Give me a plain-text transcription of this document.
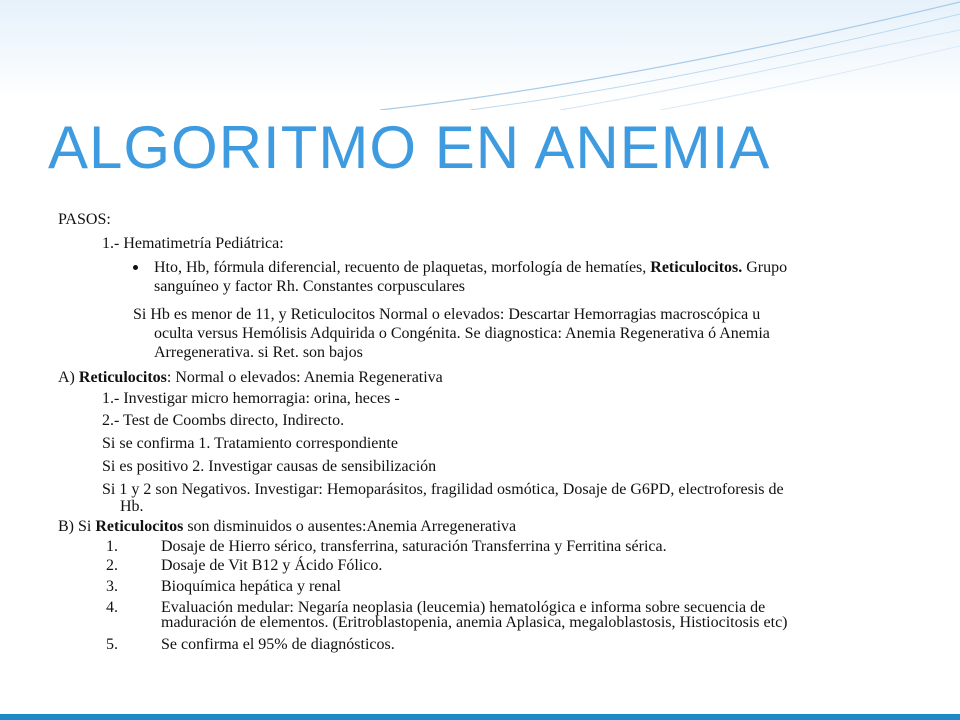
ALGORITMO EN ANEMIA
PASOS:
1.- Hematimetría Pediátrica:
Hto, Hb, fórmula diferencial, recuento de plaquetas, morfología de hematíes, Reticulocitos. Grupo
sanguíneo y factor Rh. Constantes corpusculares
Si Hb es menor de 11, y Reticulocitos Normal o elevados: Descartar Hemorragias macroscópica u
oculta versus Hemólisis Adquirida o Congénita. Se diagnostica: Anemia Regenerativa ó Anemia
Arregenerativa. si Ret. son bajos
A) Reticulocitos: Normal o elevados: Anemia Regenerativa
1.- Investigar micro hemorragia: orina, heces -
2.- Test de Coombs directo, Indirecto.
Si se confirma 1. Tratamiento correspondiente
Si es positivo 2. Investigar causas de sensibilización
Si 1 y 2 son Negativos. Investigar: Hemoparásitos, fragilidad osmótica, Dosaje de G6PD, electroforesis de
Hb.
B) Si Reticulocitos son disminuidos o ausentes:Anemia Arregenerativa
1.	Dosaje de Hierro sérico, transferrina, saturación Transferrina y Ferritina sérica.
2.	Dosaje de Vit B12 y Ácido Fólico.
3.	Bioquímica hepática y renal
4.	Evaluación medular: Negaría neoplasia (leucemia) hematológica e informa sobre secuencia de
maduración de elementos. (Eritroblastopenia, anemia Aplasica, megaloblastosis, Histiocitosis etc)
5.	Se confirma el 95% de diagnósticos.
